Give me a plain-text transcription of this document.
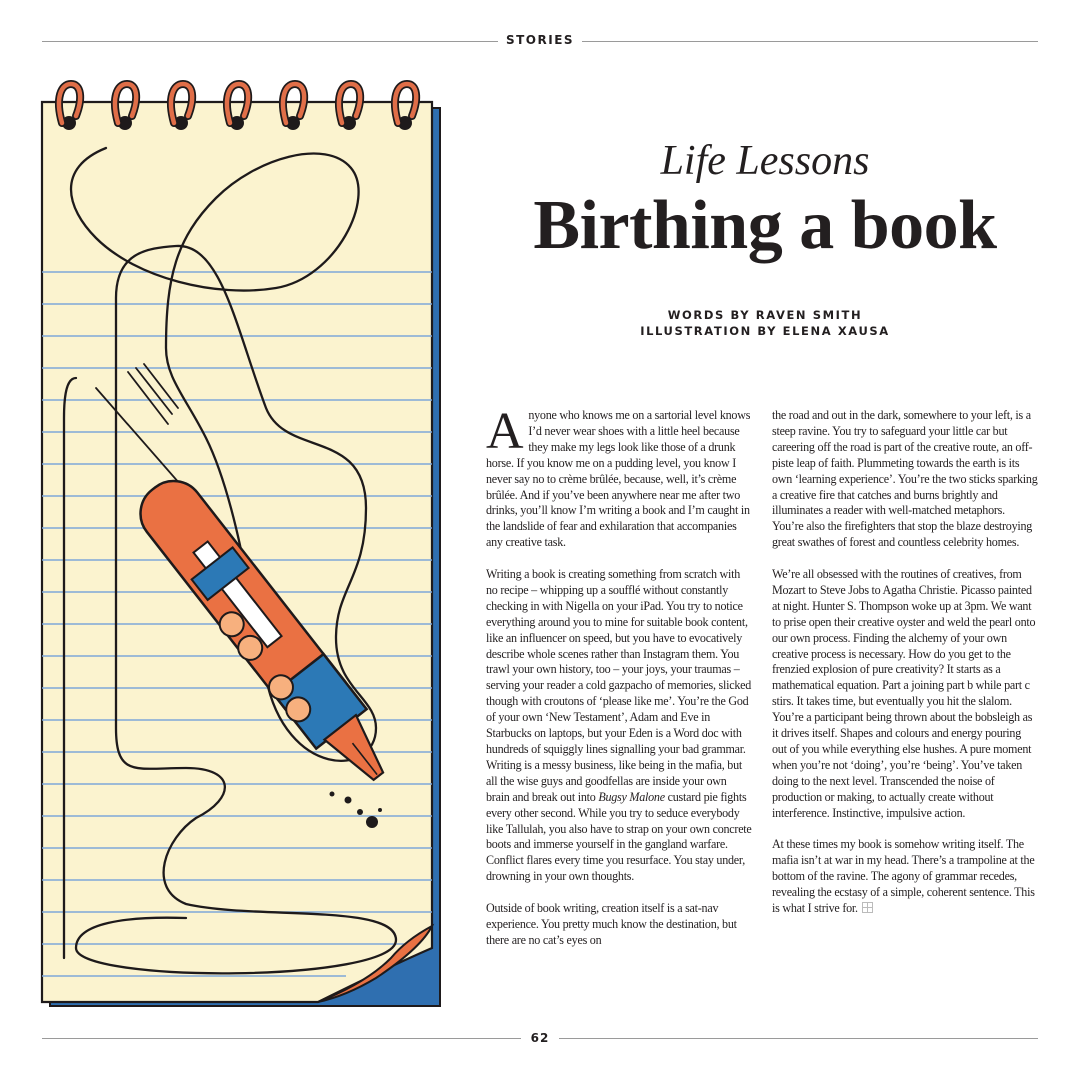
STORIES
Life Lessons
Birthing a book
WORDS BY RAVEN SMITH
ILLUSTRATION BY ELENA XAUSA

Anyone who knows me on a sartorial level knows I’d never wear shoes with a little heel because they make my legs look like those of a drunk horse. If you know me on a pudding level, you know I never say no to crème brûlée, because, well, it’s crème brûlée. And if you’ve been anywhere near me after two drinks, you’ll know I’m writing a book and I’m caught in the landslide of fear and exhilaration that accompanies any creative task.

Writing a book is creating something from scratch with no recipe – whipping up a soufflé without constantly checking in with Nigella on your iPad. You try to notice everything around you to mine for suitable book content, like an influencer on speed, but you have to evocatively describe whole scenes rather than Instagram them. You trawl your own history, too – your joys, your traumas – serving your reader a cold gazpacho of memories, slicked though with croutons of ‘please like me’. You’re the God of your own ‘New Testament’, Adam and Eve in Starbucks on laptops, but your Eden is a Word doc with hundreds of squiggly lines signalling your bad grammar. Writing is a messy business, like being in the mafia, but all the wise guys and goodfellas are inside your own brain and break out into Bugsy Malone custard pie fights every other second. While you try to seduce everybody like Tallulah, you also have to strap on your own concrete boots and immerse yourself in the gangland warfare. Conflict flares every time you resurface. You stay under, drowning in your own thoughts.

Outside of book writing, creation itself is a sat-nav experience. You pretty much know the destination, but there are no cat’s eyes on

the road and out in the dark, somewhere to your left, is a steep ravine. You try to safeguard your little car but careering off the road is part of the creative route, an off-piste leap of faith. Plummeting towards the earth is its own ‘learning experience’. You’re the two sticks sparking a creative fire that catches and burns brightly and illuminates a reader with well-matched metaphors. You’re also the firefighters that stop the blaze destroying great swathes of forest and countless celebrity homes.

We’re all obsessed with the routines of creatives, from Mozart to Steve Jobs to Agatha Christie. Picasso painted at night. Hunter S. Thompson woke up at 3pm. We want to prise open their creative oyster and weld the pearl onto our own process. Finding the alchemy of your own creative process is necessary. How do you get to the frenzied explosion of pure creativity? It starts as a mathematical equation. Part a joining part b while part c stirs. It takes time, but eventually you hit the slalom. You’re a participant being thrown about the bobsleigh as it drives itself. Shapes and colours and energy pouring out of you while everything else hushes. A pure moment when you’re not ‘doing’, you’re ‘being’. You’ve taken doing to the next level. Transcended the noise of production or making, to actually create without interference. Instinctive, impulsive action.

At these times my book is somehow writing itself. The mafia isn’t at war in my head. There’s a trampoline at the bottom of the ravine. The agony of grammar recedes, revealing the ecstasy of a simple, coherent sentence. This is what I strive for.

62
